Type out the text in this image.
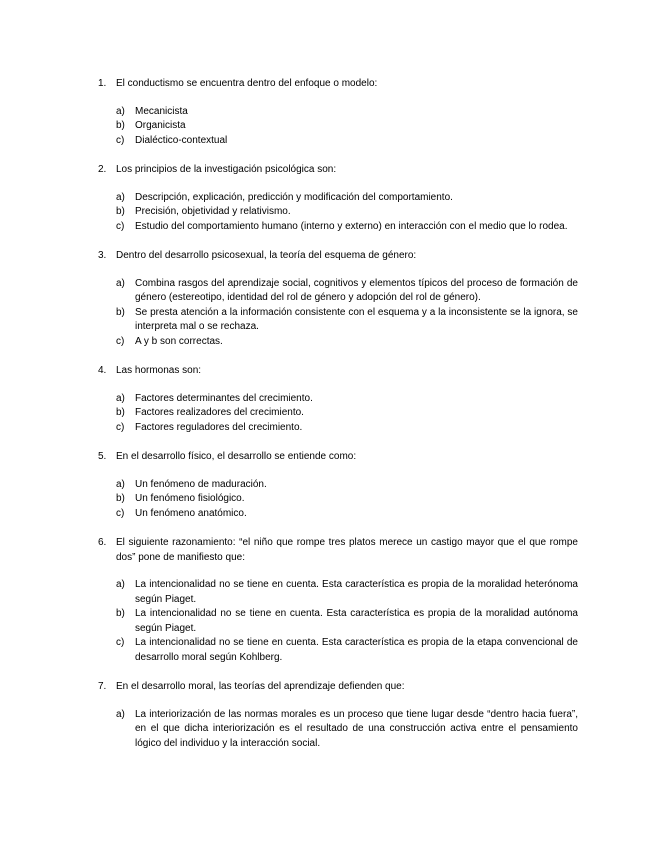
1. El conductismo se encuentra dentro del enfoque o modelo:
a) Mecanicista
b) Organicista
c) Dialéctico-contextual
2. Los principios de la investigación psicológica son:
a) Descripción, explicación, predicción y modificación del comportamiento.
b) Precisión, objetividad y relativismo.
c) Estudio del comportamiento humano (interno y externo) en interacción con el medio que lo rodea.
3. Dentro del desarrollo psicosexual, la teoría del esquema de género:
a) Combina rasgos del aprendizaje social, cognitivos y elementos típicos del proceso de formación de género (estereotipo, identidad del rol de género y adopción del rol de género).
b) Se presta atención a la información consistente con el esquema y a la inconsistente se la ignora, se interpreta mal o se rechaza.
c) A y b son correctas.
4. Las hormonas son:
a) Factores determinantes del crecimiento.
b) Factores realizadores del crecimiento.
c) Factores reguladores del crecimiento.
5. En el desarrollo físico, el desarrollo se entiende como:
a) Un fenómeno de maduración.
b) Un fenómeno fisiológico.
c) Un fenómeno anatómico.
6. El siguiente razonamiento: “el niño que rompe tres platos merece un castigo mayor que el que rompe dos” pone de manifiesto que:
a) La intencionalidad no se tiene en cuenta. Esta característica es propia de la moralidad heterónoma según Piaget.
b) La intencionalidad no se tiene en cuenta. Esta característica es propia de la moralidad autónoma según Piaget.
c) La intencionalidad no se tiene en cuenta. Esta característica es propia de la etapa convencional de desarrollo moral según Kohlberg.
7. En el desarrollo moral, las teorías del aprendizaje defienden que:
a) La interiorización de las normas morales es un proceso que tiene lugar desde “dentro hacia fuera”, en el que dicha interiorización es el resultado de una construcción activa entre el pensamiento lógico del individuo y la interacción social.
